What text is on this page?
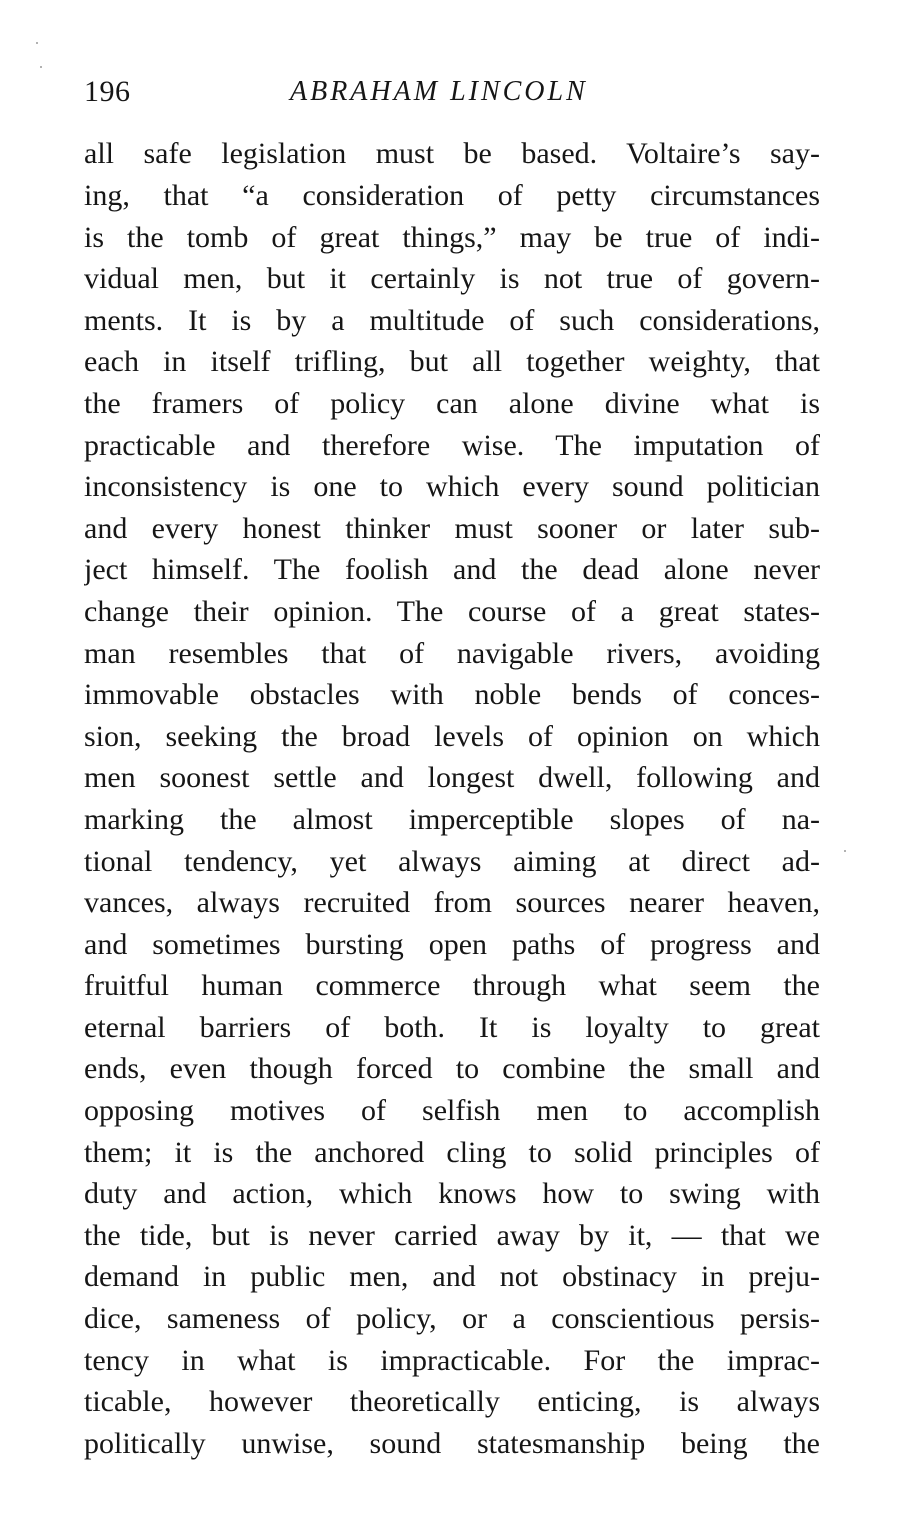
196	ABRAHAM LINCOLN
all safe legislation must be based. Voltaire’s say-
ing, that “a consideration of petty circumstances
is the tomb of great things,” may be true of indi-
vidual men, but it certainly is not true of govern-
ments. It is by a multitude of such considerations,
each in itself trifling, but all together weighty, that
the framers of policy can alone divine what is
practicable and therefore wise. The imputation of
inconsistency is one to which every sound politician
and every honest thinker must sooner or later sub-
ject himself. The foolish and the dead alone never
change their opinion. The course of a great states-
man resembles that of navigable rivers, avoiding
immovable obstacles with noble bends of conces-
sion, seeking the broad levels of opinion on which
men soonest settle and longest dwell, following and
marking the almost imperceptible slopes of na-
tional tendency, yet always aiming at direct ad-
vances, always recruited from sources nearer heaven,
and sometimes bursting open paths of progress and
fruitful human commerce through what seem the
eternal barriers of both. It is loyalty to great
ends, even though forced to combine the small and
opposing motives of selfish men to accomplish
them; it is the anchored cling to solid principles of
duty and action, which knows how to swing with
the tide, but is never carried away by it, — that we
demand in public men, and not obstinacy in preju-
dice, sameness of policy, or a conscientious persis-
tency in what is impracticable. For the imprac-
ticable, however theoretically enticing, is always
politically unwise, sound statesmanship being the
